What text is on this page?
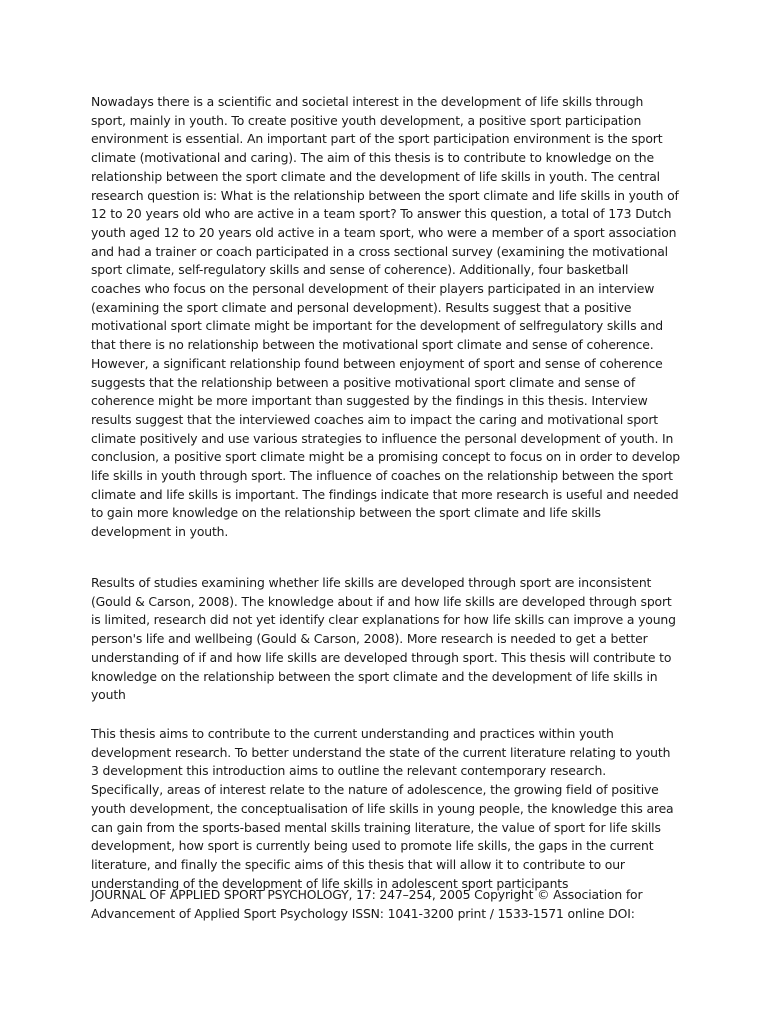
Nowadays there is a scientific and societal interest in the development of life skills through sport, mainly in youth. To create positive youth development, a positive sport participation environment is essential. An important part of the sport participation environment is the sport climate (motivational and caring). The aim of this thesis is to contribute to knowledge on the relationship between the sport climate and the development of life skills in youth. The central research question is: What is the relationship between the sport climate and life skills in youth of 12 to 20 years old who are active in a team sport? To answer this question, a total of 173 Dutch youth aged 12 to 20 years old active in a team sport, who were a member of a sport association and had a trainer or coach participated in a cross sectional survey (examining the motivational sport climate, self-regulatory skills and sense of coherence). Additionally, four basketball coaches who focus on the personal development of their players participated in an interview (examining the sport climate and personal development). Results suggest that a positive motivational sport climate might be important for the development of selfregulatory skills and that there is no relationship between the motivational sport climate and sense of coherence. However, a significant relationship found between enjoyment of sport and sense of coherence suggests that the relationship between a positive motivational sport climate and sense of coherence might be more important than suggested by the findings in this thesis. Interview results suggest that the interviewed coaches aim to impact the caring and motivational sport climate positively and use various strategies to influence the personal development of youth. In conclusion, a positive sport climate might be a promising concept to focus on in order to develop life skills in youth through sport. The influence of coaches on the relationship between the sport climate and life skills is important. The findings indicate that more research is useful and needed to gain more knowledge on the relationship between the sport climate and life skills development in youth.

Results of studies examining whether life skills are developed through sport are inconsistent (Gould & Carson, 2008). The knowledge about if and how life skills are developed through sport is limited, research did not yet identify clear explanations for how life skills can improve a young person's life and wellbeing (Gould & Carson, 2008). More research is needed to get a better understanding of if and how life skills are developed through sport. This thesis will contribute to knowledge on the relationship between the sport climate and the development of life skills in youth

This thesis aims to contribute to the current understanding and practices within youth development research. To better understand the state of the current literature relating to youth 3 development this introduction aims to outline the relevant contemporary research. Specifically, areas of interest relate to the nature of adolescence, the growing field of positive youth development, the conceptualisation of life skills in young people, the knowledge this area can gain from the sports-based mental skills training literature, the value of sport for life skills development, how sport is currently being used to promote life skills, the gaps in the current literature, and finally the specific aims of this thesis that will allow it to contribute to our understanding of the development of life skills in adolescent sport participants

JOURNAL OF APPLIED SPORT PSYCHOLOGY, 17: 247–254, 2005 Copyright © Association for Advancement of Applied Sport Psychology ISSN: 1041-3200 print / 1533-1571 online DOI:
